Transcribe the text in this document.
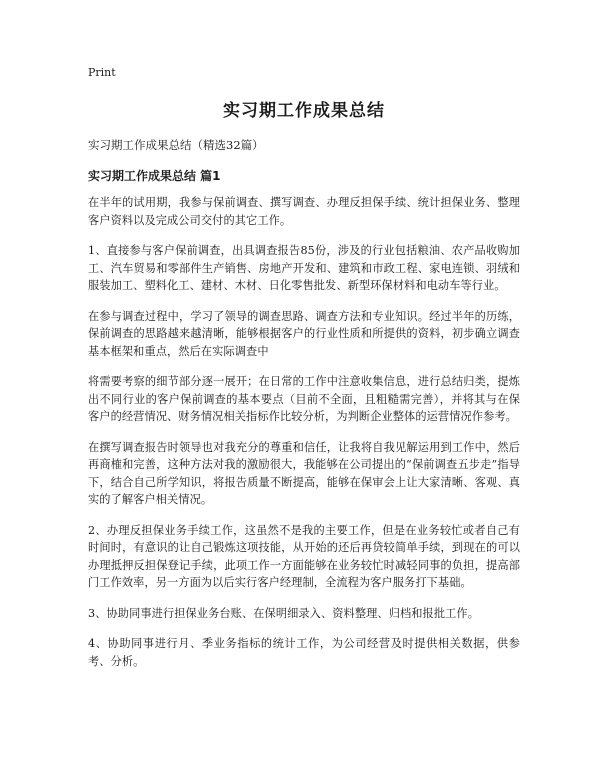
Print
实习期工作成果总结
实习期工作成果总结（精选32篇）
实习期工作成果总结 篇1

在半年的试用期，我参与保前调查、撰写调查、办理反担保手续、统计担保业务、整理客户资料以及完成公司交付的其它工作。

1、直接参与客户保前调查，出具调查报告85份，涉及的行业包括粮油、农产品收购加工、汽车贸易和零部件生产销售、房地产开发和、建筑和市政工程、家电连锁、羽绒和服装加工、塑料化工、建材、木材、日化零售批发、新型环保材料和电动车等行业。

在参与调查过程中，学习了领导的调查思路、调查方法和专业知识。经过半年的历练，保前调查的思路越来越清晰，能够根据客户的行业性质和所提供的资料，初步确立调查基本框架和重点，然后在实际调查中

将需要考察的细节部分逐一展开；在日常的工作中注意收集信息，进行总结归类，提炼出不同行业的客户保前调查的基本要点（目前不全面，且粗糙需完善），并将其与在保客户的经营情况、财务情况相关指标作比较分析，为判断企业整体的运营情况作参考。

在撰写调查报告时领导也对我充分的尊重和信任，让我将自我见解运用到工作中，然后再商榷和完善，这种方法对我的激励很大，我能够在公司提出的“保前调查五步走”指导下，结合自己所学知识，将报告质量不断提高，能够在保审会上让大家清晰、客观、真实的了解客户相关情况。

2、办理反担保业务手续工作，这虽然不是我的主要工作，但是在业务较忙或者自己有时间时，有意识的让自己锻炼这项技能，从开始的还后再贷较简单手续，到现在的可以办理抵押反担保登记手续，此项工作一方面能够在业务较忙时减轻同事的负担，提高部门工作效率，另一方面为以后实行客户经理制，全流程为客户服务打下基础。

3、协助同事进行担保业务台账、在保明细录入、资料整理、归档和报批工作。

4、协助同事进行月、季业务指标的统计工作，为公司经营及时提供相关数据，供参考、分析。
